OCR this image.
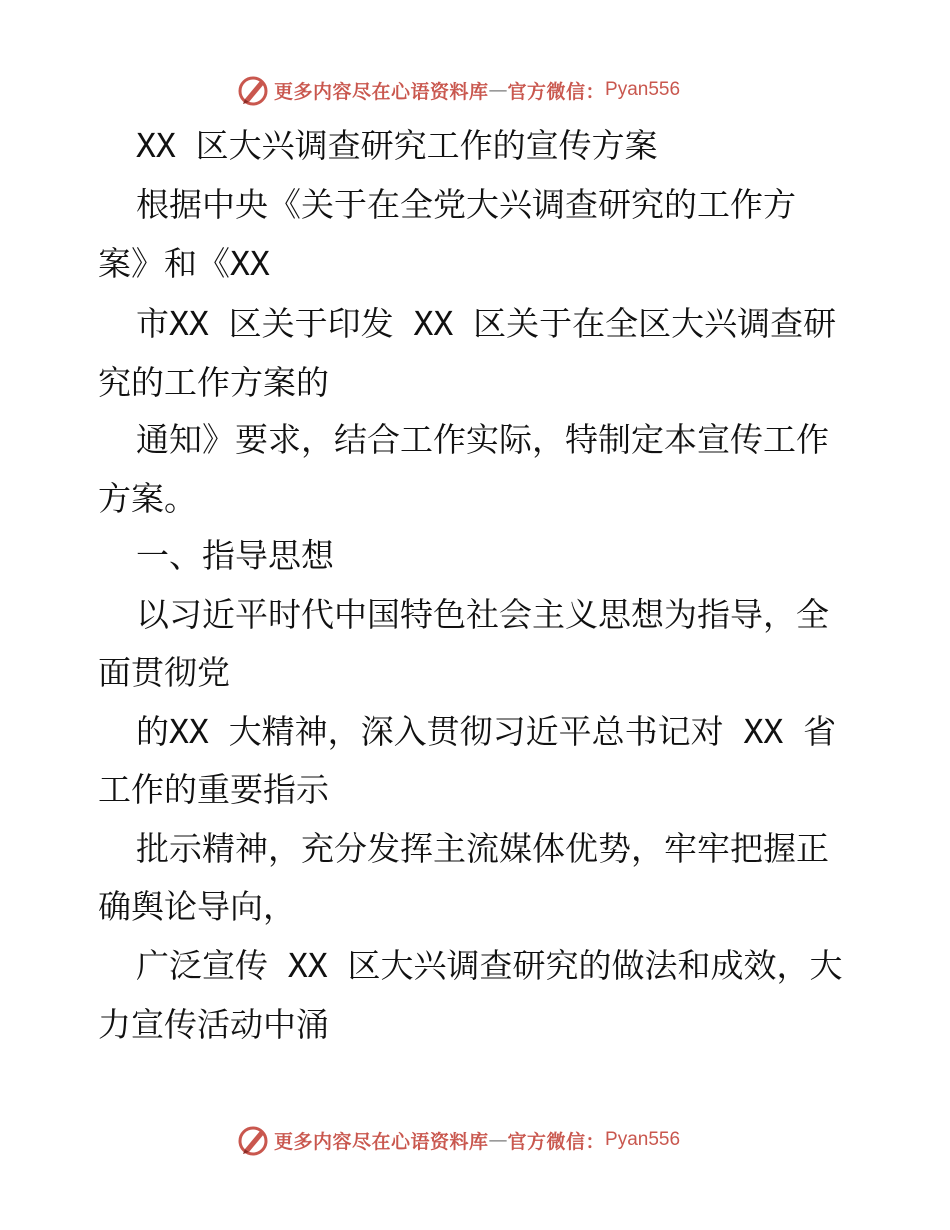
更多内容尽在心语资料库 — 官方微信： Pyan556
XX 区大兴调查研究工作的宣传方案
根据中央《关于在全党大兴调查研究的工作方
案》和《XX
市XX 区关于印发 XX 区关于在全区大兴调查研
究的工作方案的
通知》要求，结合工作实际，特制定本宣传工作
方案。
一、指导思想
以习近平时代中国特色社会主义思想为指导，全
面贯彻党
的XX 大精神，深入贯彻习近平总书记对 XX 省
工作的重要指示
批示精神，充分发挥主流媒体优势，牢牢把握正
确舆论导向，
广泛宣传 XX 区大兴调查研究的做法和成效，大
力宣传活动中涌
更多内容尽在心语资料库 — 官方微信： Pyan556
